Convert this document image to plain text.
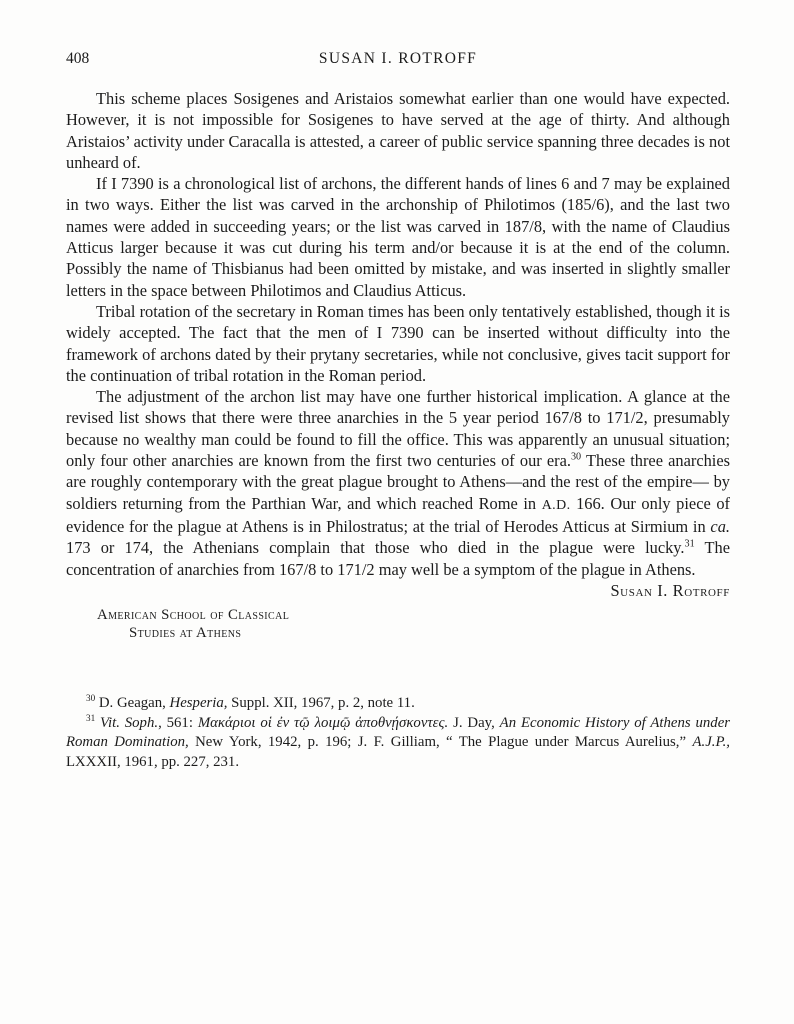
408	SUSAN I. ROTROFF

This scheme places Sosigenes and Aristaios somewhat earlier than one would have expected. However, it is not impossible for Sosigenes to have served at the age of thirty. And although Aristaios’ activity under Caracalla is attested, a career of public service spanning three decades is not unheard of.

If I 7390 is a chronological list of archons, the different hands of lines 6 and 7 may be explained in two ways. Either the list was carved in the archonship of Philotimos (185/6), and the last two names were added in succeeding years; or the list was carved in 187/8, with the name of Claudius Atticus larger because it was cut during his term and/or because it is at the end of the column. Possibly the name of Thisbianus had been omitted by mistake, and was inserted in slightly smaller letters in the space between Philotimos and Claudius Atticus.

Tribal rotation of the secretary in Roman times has been only tentatively established, though it is widely accepted. The fact that the men of I 7390 can be inserted without difficulty into the framework of archons dated by their prytany secretaries, while not conclusive, gives tacit support for the continuation of tribal rotation in the Roman period.

The adjustment of the archon list may have one further historical implication. A glance at the revised list shows that there were three anarchies in the 5 year period 167/8 to 171/2, presumably because no wealthy man could be found to fill the office. This was apparently an unusual situation; only four other anarchies are known from the first two centuries of our era.$^{30}$ These three anarchies are roughly contemporary with the great plague brought to Athens—and the rest of the empire— by soldiers returning from the Parthian War, and which reached Rome in A.D. 166. Our only piece of evidence for the plague at Athens is in Philostratus; at the trial of Herodes Atticus at Sirmium in ca. 173 or 174, the Athenians complain that those who died in the plague were lucky.$^{31}$ The concentration of anarchies from 167/8 to 171/2 may well be a symptom of the plague in Athens.

Susan I. Rotroff

American School of Classical
Studies at Athens

$^{30}$ D. Geagan, Hesperia, Suppl. XII, 1967, p. 2, note 11.

$^{31}$ Vit. Soph., 561: Μακάριοι οἱ ἐν τῷ λοιμῷ ἀποθνῄσκοντες. J. Day, An Economic History of Athens under Roman Domination, New York, 1942, p. 196; J. F. Gilliam, “ The Plague under Marcus Aurelius,” A.J.P., LXXXII, 1961, pp. 227, 231.
